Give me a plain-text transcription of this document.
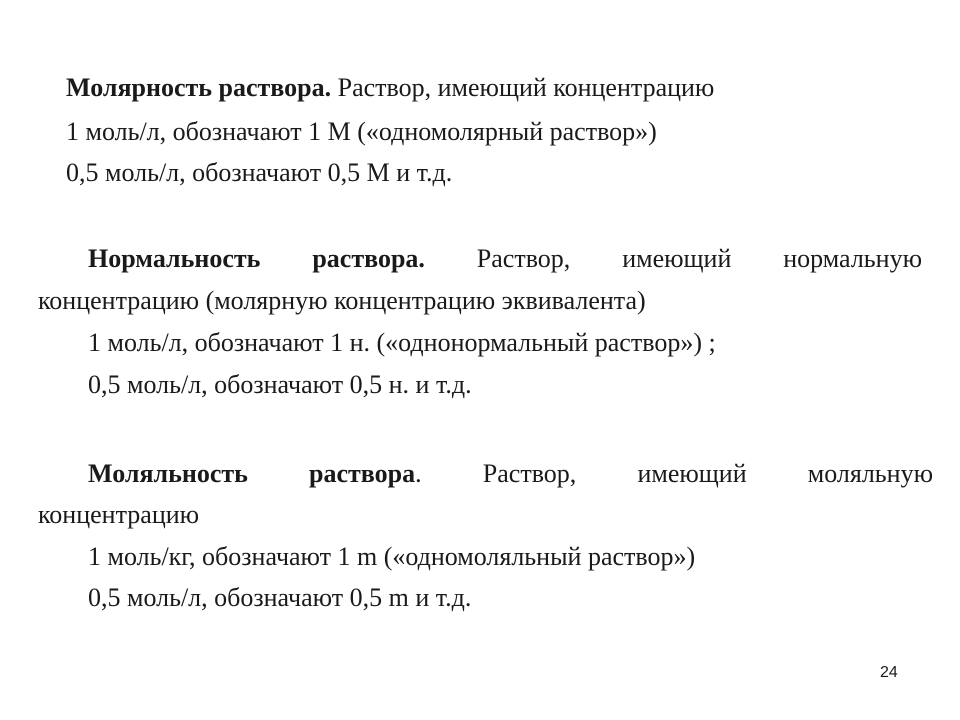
Молярность раствора. Раствор, имеющий концентрацию

1 моль/л, обозначают 1 М («одномолярный раствор»)

0,5 моль/л, обозначают 0,5 М и т.д.

Нормальность раствора. Раствор, имеющий нормальную

концентрацию (молярную концентрацию эквивалента)

1 моль/л, обозначают 1 н. («однонормальный раствор») ;

0,5 моль/л, обозначают 0,5 н. и т.д.

Моляльность раствора. Раствор, имеющий моляльную

концентрацию

1 моль/кг, обозначают 1 m («одномоляльный раствор»)

0,5 моль/л, обозначают 0,5 m и т.д.

24
